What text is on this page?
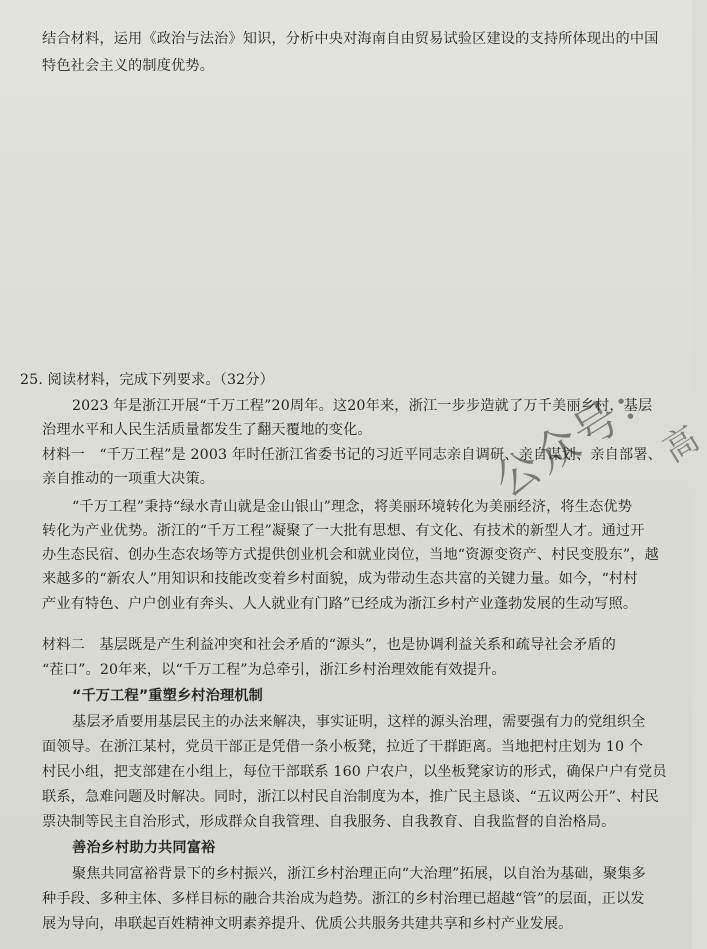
结合材料，运用《政治与法治》知识，分析中央对海南自由贸易试验区建设的支持所体现出的中国
特色社会主义的制度优势。
25. 阅读材料，完成下列要求。（32分）
2023 年是浙江开展“千万工程”20周年。这20年来，浙江一步步造就了万千美丽乡村，基层
治理水平和人民生活质量都发生了翻天覆地的变化。
材料一　“千万工程”是 2003 年时任浙江省委书记的习近平同志亲自调研、亲自谋划、亲自部署、
亲自推动的一项重大决策。
“千万工程”秉持“绿水青山就是金山银山”理念，将美丽环境转化为美丽经济，将生态优势
转化为产业优势。浙江的“千万工程”凝聚了一大批有思想、有文化、有技术的新型人才。通过开
办生态民宿、创办生态农场等方式提供创业机会和就业岗位，当地“资源变资产、村民变股东”，越
来越多的“新农人”用知识和技能改变着乡村面貌，成为带动生态共富的关键力量。如今，“村村
产业有特色、户户创业有奔头、人人就业有门路”已经成为浙江乡村产业蓬勃发展的生动写照。
材料二　基层既是产生利益冲突和社会矛盾的“源头”，也是协调利益关系和疏导社会矛盾的
“茬口”。20年来，以“千万工程”为总牵引，浙江乡村治理效能有效提升。
“千万工程”重塑乡村治理机制
基层矛盾要用基层民主的办法来解决，事实证明，这样的源头治理，需要强有力的党组织全
面领导。在浙江某村，党员干部正是凭借一条小板凳，拉近了干群距离。当地把村庄划为 10 个
村民小组，把支部建在小组上，每位干部联系 160 户农户，以坐板凳家访的形式，确保户户有党员
联系，急难问题及时解决。同时，浙江以村民自治制度为本，推广民主恳谈、“五议两公开”、村民
票决制等民主自治形式，形成群众自我管理、自我服务、自我教育、自我监督的自治格局。
善治乡村助力共同富裕
聚焦共同富裕背景下的乡村振兴，浙江乡村治理正向“大治理”拓展，以自治为基础，聚集多
种手段、多种主体、多样目标的融合共治成为趋势。浙江的乡村治理已超越“管”的层面，正以发
展为导向，串联起百姓精神文明素养提升、优质公共服务共建共享和乡村产业发展。
公众号：
高
